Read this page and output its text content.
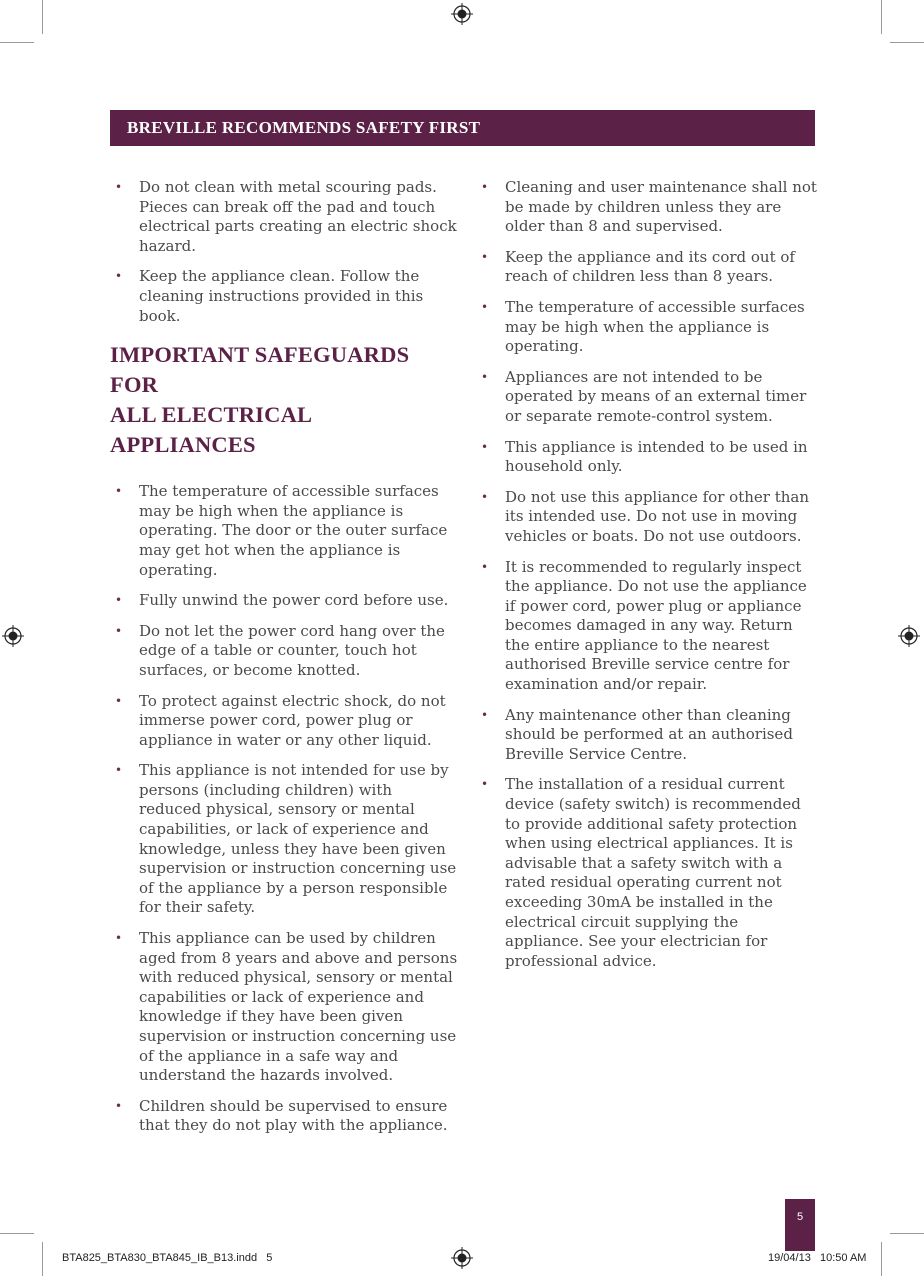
BREVILLE RECOMMENDS SAFETY FIRST
• Do not clean with metal scouring pads. Pieces can break off the pad and touch electrical parts creating an electric shock hazard.
• Keep the appliance clean. Follow the cleaning instructions provided in this book.
IMPORTANT SAFEGUARDS FOR
ALL ELECTRICAL APPLIANCES
• The temperature of accessible surfaces may be high when the appliance is operating. The door or the outer surface may get hot when the appliance is operating.
• Fully unwind the power cord before use.
• Do not let the power cord hang over the edge of a table or counter, touch hot surfaces, or become knotted.
• To protect against electric shock, do not immerse power cord, power plug or appliance in water or any other liquid.
• This appliance is not intended for use by persons (including children) with reduced physical, sensory or mental capabilities, or lack of experience and knowledge, unless they have been given supervision or instruction concerning use of the appliance by a person responsible for their safety.
• This appliance can be used by children aged from 8 years and above and persons with reduced physical, sensory or mental capabilities or lack of experience and knowledge if they have been given supervision or instruction concerning use of the appliance in a safe way and understand the hazards involved.
• Children should be supervised to ensure that they do not play with the appliance.
• Cleaning and user maintenance shall not be made by children unless they are older than 8 and supervised.
• Keep the appliance and its cord out of reach of children less than 8 years.
• The temperature of accessible surfaces may be high when the appliance is operating.
• Appliances are not intended to be operated by means of an external timer or separate remote-control system.
• This appliance is intended to be used in household only.
• Do not use this appliance for other than its intended use. Do not use in moving vehicles or boats. Do not use outdoors.
• It is recommended to regularly inspect the appliance. Do not use the appliance if power cord, power plug or appliance becomes damaged in any way. Return the entire appliance to the nearest authorised Breville service centre for examination and/or repair.
• Any maintenance other than cleaning should be performed at an authorised Breville Service Centre.
• The installation of a residual current device (safety switch) is recommended to provide additional safety protection when using electrical appliances. It is advisable that a safety switch with a rated residual operating current not exceeding 30mA be installed in the electrical circuit supplying the appliance. See your electrician for professional advice.
5
BTA825_BTA830_BTA845_IB_B13.indd   5	19/04/13   10:50 AM
